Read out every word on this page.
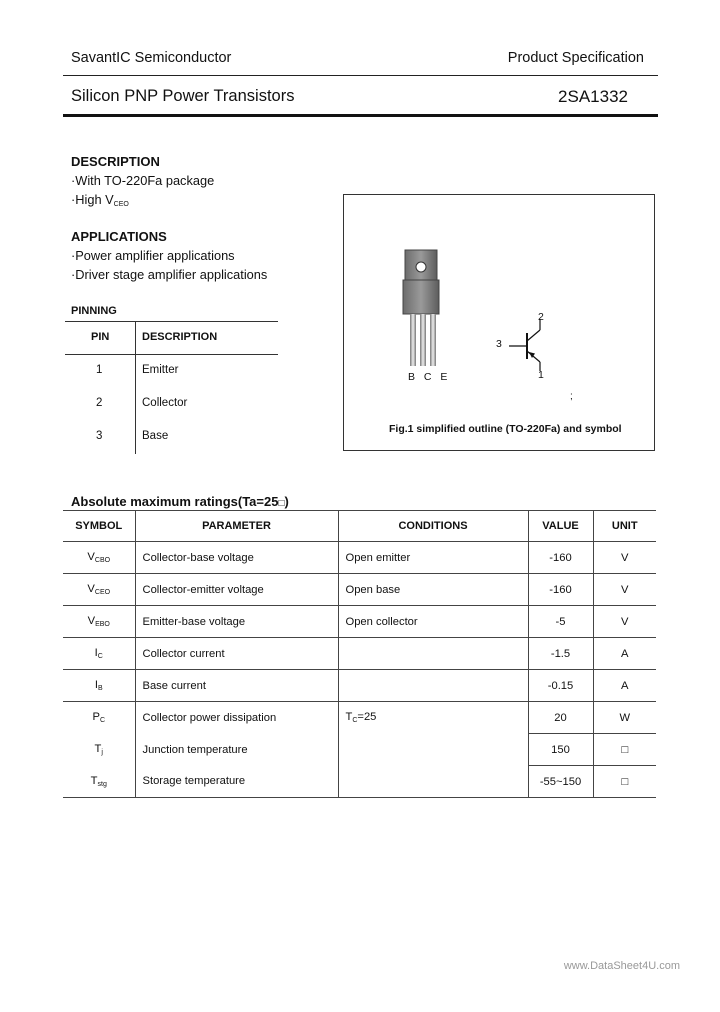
SavantIC Semiconductor	Product Specification
Silicon PNP Power Transistors	2SA1332
DESCRIPTION
·With TO-220Fa package
·High $V_{CEO}$
APPLICATIONS
·Power amplifier applications
·Driver stage amplifier applications
PINNING
PIN	DESCRIPTION
1	Emitter
2	Collector
3	Base
B C E
2
3
1
;
Fig.1 simplified outline (TO-220Fa) and symbol
Absolute maximum ratings(Ta=25□)
SYMBOL	PARAMETER	CONDITIONS	VALUE	UNIT
$V_{CBO}$	Collector-base voltage	Open emitter	-160	V
$V_{CEO}$	Collector-emitter voltage	Open base	-160	V
$V_{EBO}$	Emitter-base voltage	Open collector	-5	V
$I_C$	Collector current		-1.5	A
$I_B$	Base current		-0.15	A
$P_C$	Collector power dissipation	$T_C=25$	20	W
$T_j$	Junction temperature		150	□
$T_{stg}$	Storage temperature		-55~150	□
www.DataSheet4U.com
